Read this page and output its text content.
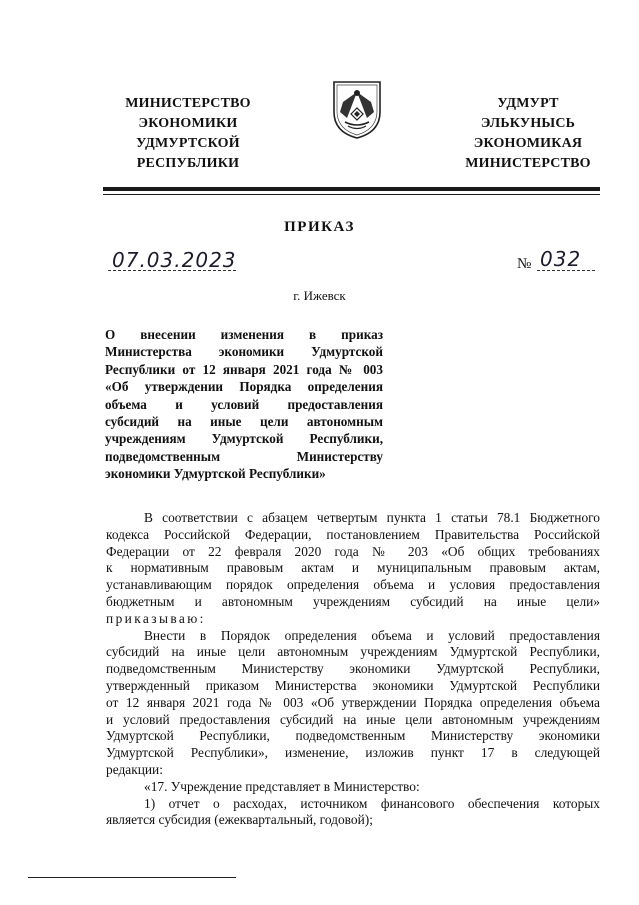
МИНИСТЕРСТВО
ЭКОНОМИКИ
УДМУРТСКОЙ
РЕСПУБЛИКИ
УДМУРТ
ЭЛЬКУНЫСЬ
ЭКОНОМИКАЯ
МИНИСТЕРСТВО
ПРИКАЗ
07.03.2023	№ 032
г. Ижевск
О внесении изменения в приказ
Министерства экономики Удмуртской
Республики от 12 января 2021 года № 003
«Об утверждении Порядка определения
объема и условий предоставления
субсидий на иные цели автономным
учреждениям Удмуртской Республики,
подведомственным Министерству
экономики Удмуртской Республики»
В соответствии с абзацем четвертым пункта 1 статьи 78.1 Бюджетного
кодекса Российской Федерации, постановлением Правительства Российской
Федерации от 22 февраля 2020 года № 203 «Об общих требованиях
к нормативным правовым актам и муниципальным правовым актам,
устанавливающим порядок определения объема и условия предоставления
бюджетным и автономным учреждениям субсидий на иные цели»
приказываю:
Внести в Порядок определения объема и условий предоставления
субсидий на иные цели автономным учреждениям Удмуртской Республики,
подведомственным Министерству экономики Удмуртской Республики,
утвержденный приказом Министерства экономики Удмуртской Республики
от 12 января 2021 года № 003 «Об утверждении Порядка определения объема
и условий предоставления субсидий на иные цели автономным учреждениям
Удмуртской Республики, подведомственным Министерству экономики
Удмуртской Республики», изменение, изложив пункт 17 в следующей
редакции:
«17. Учреждение представляет в Министерство:
1) отчет о расходах, источником финансового обеспечения которых
является субсидия (ежеквартальный, годовой);
